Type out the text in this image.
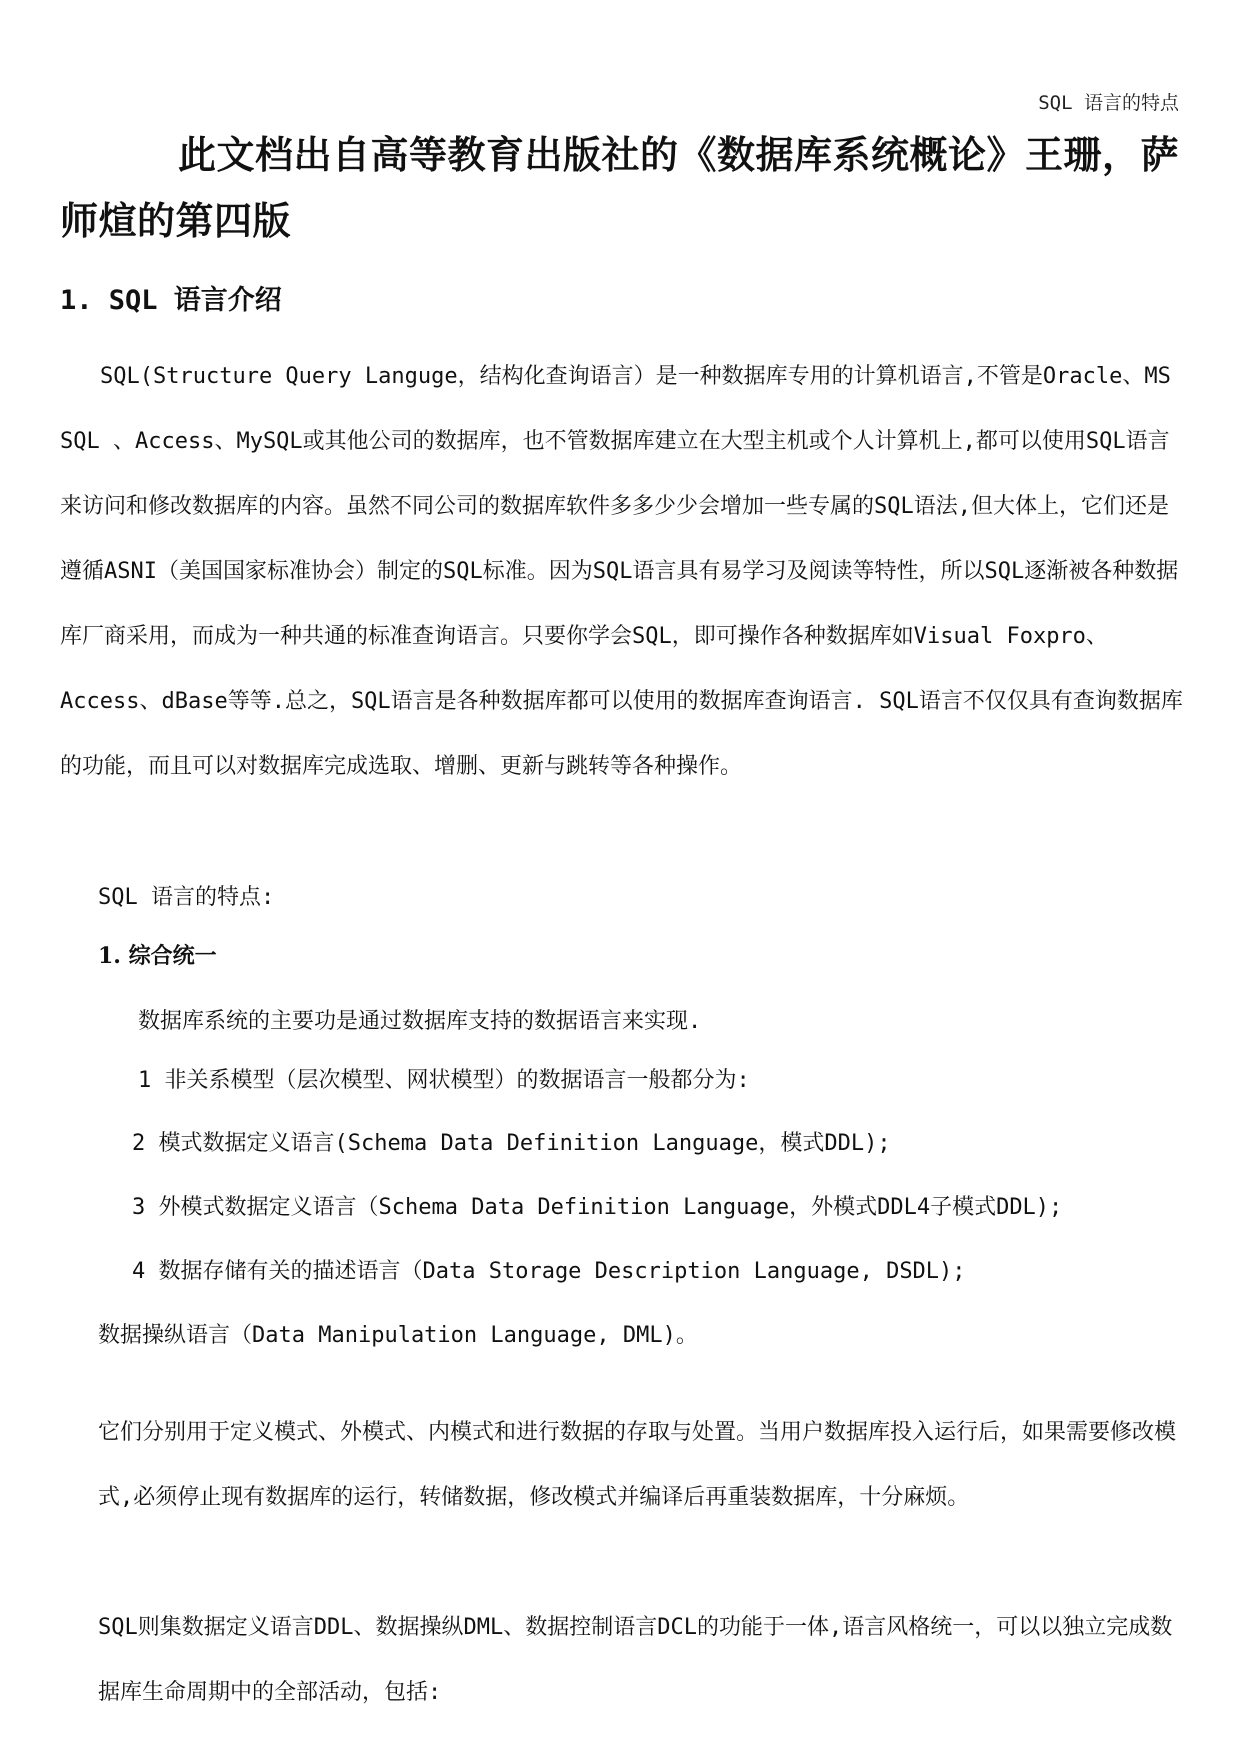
SQL 语言的特点
此文档出自高等教育出版社的《数据库系统概论》王珊，萨师煊的第四版
1. SQL 语言介绍
SQL(Structure Query Languge，结构化查询语言）是一种数据库专用的计算机语言,不管是Oracle、MS SQL 、Access、MySQL或其他公司的数据库，也不管数据库建立在大型主机或个人计算机上,都可以使用SQL语言来访问和修改数据库的内容。虽然不同公司的数据库软件多多少少会增加一些专属的SQL语法,但大体上，它们还是遵循ASNI（美国国家标准协会）制定的SQL标准。因为SQL语言具有易学习及阅读等特性，所以SQL逐渐被各种数据库厂商采用，而成为一种共通的标准查询语言。只要你学会SQL，即可操作各种数据库如Visual Foxpro、Access、dBase等等.总之，SQL语言是各种数据库都可以使用的数据库查询语言. SQL语言不仅仅具有查询数据库的功能，而且可以对数据库完成选取、增删、更新与跳转等各种操作。
SQL 语言的特点:
1. 综合统一
数据库系统的主要功是通过数据库支持的数据语言来实现.
1 非关系模型（层次模型、网状模型）的数据语言一般都分为:
2 模式数据定义语言(Schema Data Definition Language，模式DDL);
3 外模式数据定义语言（Schema Data Definition Language，外模式DDL4子模式DDL);
4 数据存储有关的描述语言（Data Storage Description Language, DSDL);
数据操纵语言（Data Manipulation Language, DML)。
它们分别用于定义模式、外模式、内模式和进行数据的存取与处置。当用户数据库投入运行后，如果需要修改模式,必须停止现有数据库的运行，转储数据，修改模式并编译后再重装数据库，十分麻烦。
SQL则集数据定义语言DDL、数据操纵DML、数据控制语言DCL的功能于一体,语言风格统一，可以以独立完成数据库生命周期中的全部活动，包括:
